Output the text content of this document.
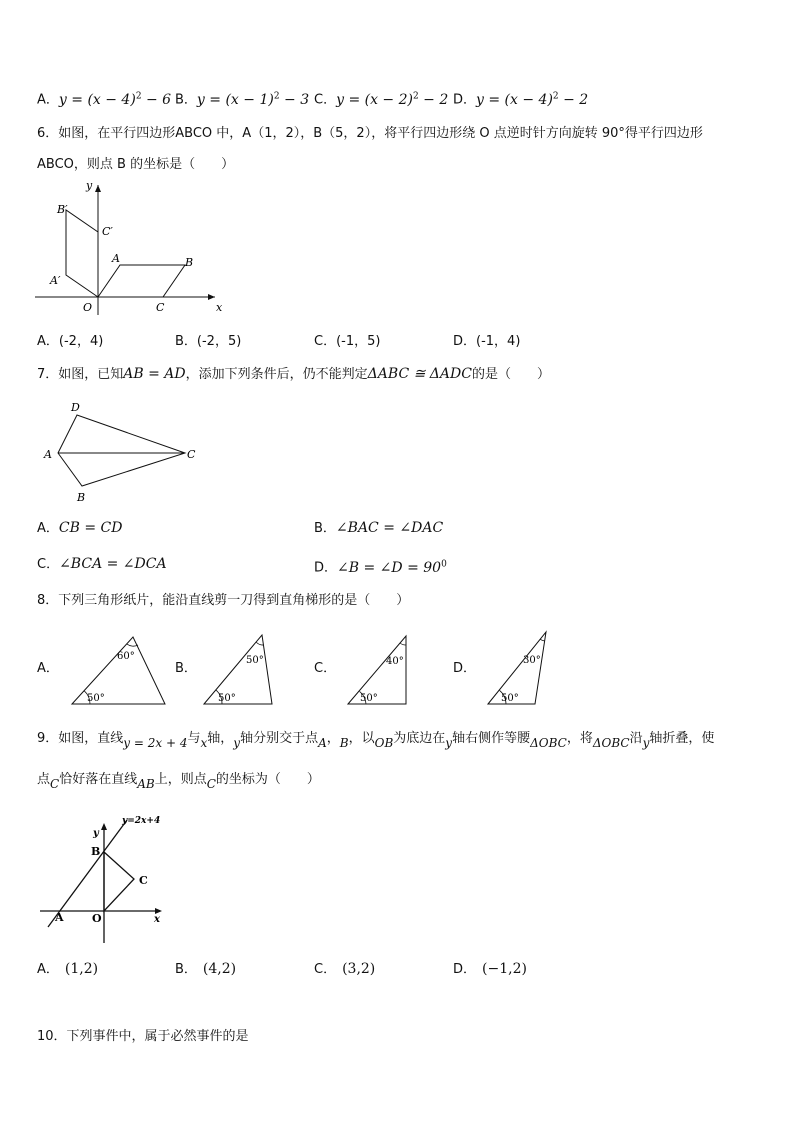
A．$y = (x - 4)^2 - 6$ B．$y = (x - 1)^2 - 3$ C．$y = (x - 2)^2 - 2$ D．$y = (x - 4)^2 - 2$
6．如图，在平行四边形ABCO 中，A（1，2），B（5，2），将平行四边形绕 O 点逆时针方向旋转 90°得平行四边形
ABCO，则点 B 的坐标是（　　）
y
x
B′
C′
A′
A	B
C
O
A．(-2，4)	B．(-2，5)	C．(-1，5)	D．(-1，4)
7．如图，已知AB = AD，添加下列条件后，仍不能判定ΔABC ≅ ΔADC的是（　　）
D
A	C
B
A．CB = CD	B．∠BAC = ∠DAC
C．∠BCA = ∠DCA	D．∠B = ∠D = $90^0$
8．下列三角形纸片，能沿直线剪一刀得到直角梯形的是（　　）
A．
60°
50°
B．
50°
50°
C．	40°
50°
D．
30°
50°
9．如图，直线y = 2x + 4与x轴，y轴分别交于点A，B，以OB为底边在y轴右侧作等腰ΔOBC，将ΔOBC沿y轴折叠，使
点C恰好落在直线AB上，则点C的坐标为（　　）
y=2x+4
y
B
C
A	O	x
A． (1,2)	B． (4,2)	C． (3,2)	D． (−1,2)
10．下列事件中，属于必然事件的是
